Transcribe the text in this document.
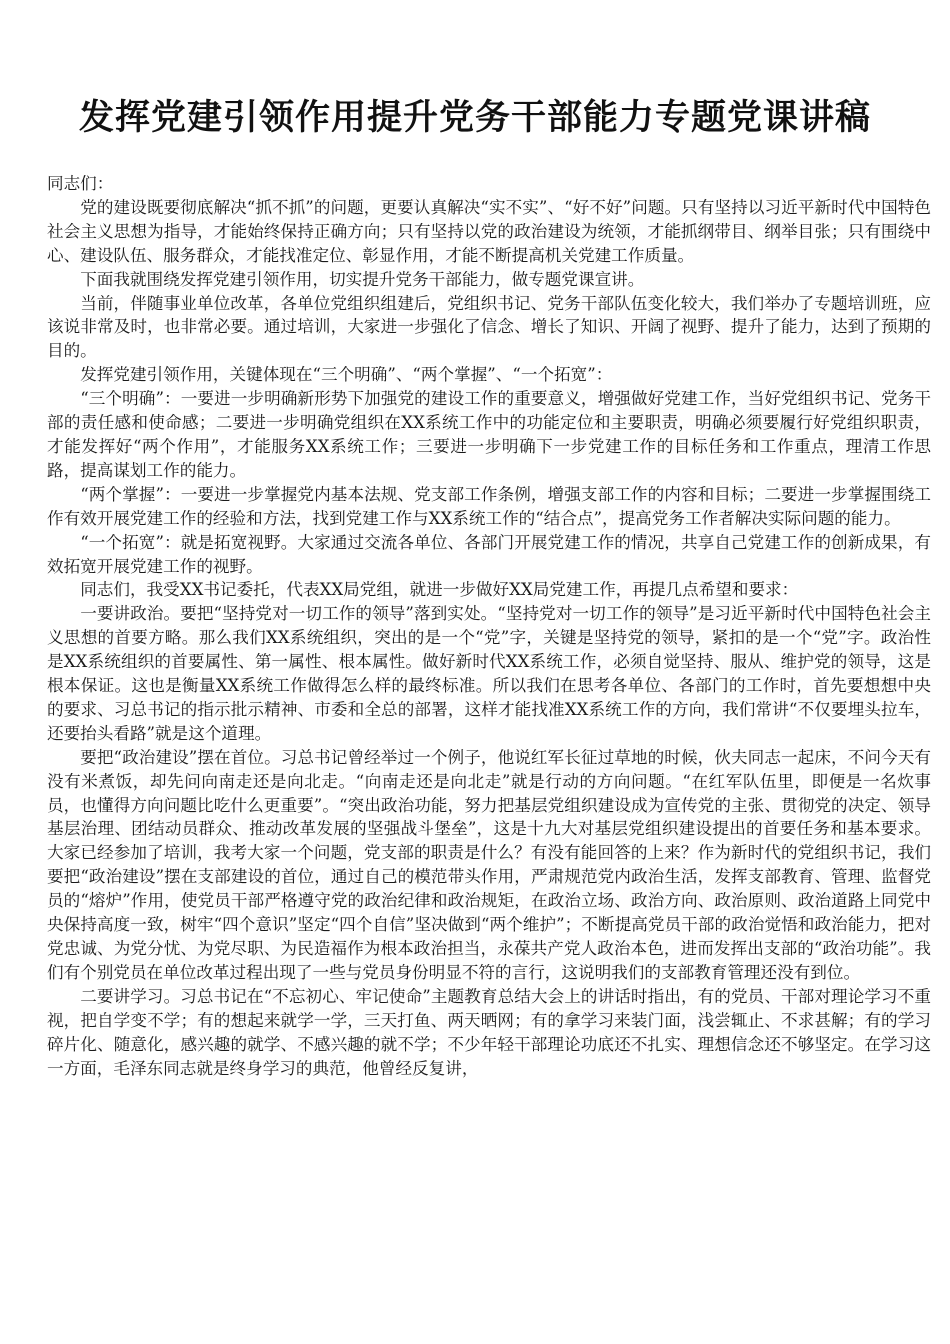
发挥党建引领作用提升党务干部能力专题党课讲稿

同志们：

党的建设既要彻底解决“抓不抓”的问题，更要认真解决“实不实”、“好不好”问题。只有坚持以习近平新时代中国特色社会主义思想为指导，才能始终保持正确方向；只有坚持以党的政治建设为统领，才能抓纲带目、纲举目张；只有围绕中心、建设队伍、服务群众，才能找准定位、彰显作用，才能不断提高机关党建工作质量。

下面我就围绕发挥党建引领作用，切实提升党务干部能力，做专题党课宣讲。

当前，伴随事业单位改革，各单位党组织组建后，党组织书记、党务干部队伍变化较大，我们举办了专题培训班，应该说非常及时，也非常必要。通过培训，大家进一步强化了信念、增长了知识、开阔了视野、提升了能力，达到了预期的目的。

发挥党建引领作用，关键体现在“三个明确”、“两个掌握”、“一个拓宽”：

“三个明确”：一要进一步明确新形势下加强党的建设工作的重要意义，增强做好党建工作，当好党组织书记、党务干部的责任感和使命感；二要进一步明确党组织在XX系统工作中的功能定位和主要职责，明确必须要履行好党组织职责，才能发挥好“两个作用”，才能服务XX系统工作；三要进一步明确下一步党建工作的目标任务和工作重点，理清工作思路，提高谋划工作的能力。

“两个掌握”：一要进一步掌握党内基本法规、党支部工作条例，增强支部工作的内容和目标；二要进一步掌握围绕工作有效开展党建工作的经验和方法，找到党建工作与XX系统工作的“结合点”，提高党务工作者解决实际问题的能力。

“一个拓宽”：就是拓宽视野。大家通过交流各单位、各部门开展党建工作的情况，共享自己党建工作的创新成果，有效拓宽开展党建工作的视野。

同志们，我受XX书记委托，代表XX局党组，就进一步做好XX局党建工作，再提几点希望和要求：

一要讲政治。要把“坚持党对一切工作的领导”落到实处。“坚持党对一切工作的领导”是习近平新时代中国特色社会主义思想的首要方略。那么我们XX系统组织，突出的是一个“党”字，关键是坚持党的领导，紧扣的是一个“党”字。政治性是XX系统组织的首要属性、第一属性、根本属性。做好新时代XX系统工作，必须自觉坚持、服从、维护党的领导，这是根本保证。这也是衡量XX系统工作做得怎么样的最终标准。所以我们在思考各单位、各部门的工作时，首先要想想中央的要求、习总书记的指示批示精神、市委和全总的部署，这样才能找准XX系统工作的方向，我们常讲“不仅要埋头拉车，还要抬头看路”就是这个道理。

要把“政治建设”摆在首位。习总书记曾经举过一个例子，他说红军长征过草地的时候，伙夫同志一起床，不问今天有没有米煮饭，却先问向南走还是向北走。“向南走还是向北走”就是行动的方向问题。“在红军队伍里，即便是一名炊事员，也懂得方向问题比吃什么更重要”。“突出政治功能，努力把基层党组织建设成为宣传党的主张、贯彻党的决定、领导基层治理、团结动员群众、推动改革发展的坚强战斗堡垒”，这是十九大对基层党组织建设提出的首要任务和基本要求。大家已经参加了培训，我考大家一个问题，党支部的职责是什么？有没有能回答的上来？作为新时代的党组织书记，我们要把“政治建设”摆在支部建设的首位，通过自己的模范带头作用，严肃规范党内政治生活，发挥支部教育、管理、监督党员的“熔炉”作用，使党员干部严格遵守党的政治纪律和政治规矩，在政治立场、政治方向、政治原则、政治道路上同党中央保持高度一致，树牢“四个意识”坚定“四个自信”坚决做到“两个维护”；不断提高党员干部的政治觉悟和政治能力，把对党忠诚、为党分忧、为党尽职、为民造福作为根本政治担当，永葆共产党人政治本色，进而发挥出支部的“政治功能”。我们有个别党员在单位改革过程出现了一些与党员身份明显不符的言行，这说明我们的支部教育管理还没有到位。

二要讲学习。习总书记在“不忘初心、牢记使命”主题教育总结大会上的讲话时指出，有的党员、干部对理论学习不重视，把自学变不学；有的想起来就学一学，三天打鱼、两天晒网；有的拿学习来装门面，浅尝辄止、不求甚解；有的学习碎片化、随意化，感兴趣的就学、不感兴趣的就不学；不少年轻干部理论功底还不扎实、理想信念还不够坚定。在学习这一方面，毛泽东同志就是终身学习的典范，他曾经反复讲，
